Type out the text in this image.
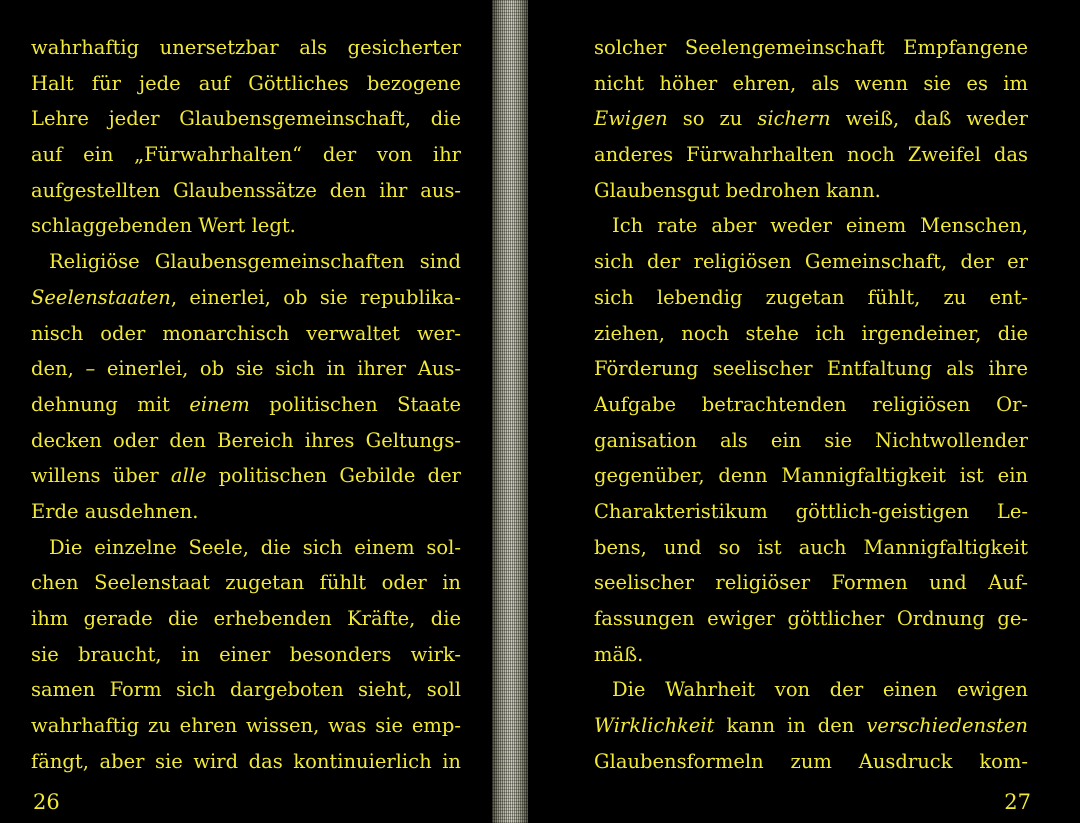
wahrhaftig unersetzbar als gesicherter
Halt für jede auf Göttliches bezogene
Lehre jeder Glaubensgemeinschaft, die
auf ein „Fürwahrhalten“ der von ihr
aufgestellten Glaubenssätze den ihr aus-
schlaggebenden Wert legt.
Religiöse Glaubensgemeinschaften sind
Seelenstaaten, einerlei, ob sie republika-
nisch oder monarchisch verwaltet wer-
den, – einerlei, ob sie sich in ihrer Aus-
dehnung mit einem politischen Staate
decken oder den Bereich ihres Geltungs-
willens über alle politischen Gebilde der
Erde ausdehnen.
Die einzelne Seele, die sich einem sol-
chen Seelenstaat zugetan fühlt oder in
ihm gerade die erhebenden Kräfte, die
sie braucht, in einer besonders wirk-
samen Form sich dargeboten sieht, soll
wahrhaftig zu ehren wissen, was sie emp-
fängt, aber sie wird das kontinuierlich in
26
solcher Seelengemeinschaft Empfangene
nicht höher ehren, als wenn sie es im
Ewigen so zu sichern weiß, daß weder
anderes Fürwahrhalten noch Zweifel das
Glaubensgut bedrohen kann.
Ich rate aber weder einem Menschen,
sich der religiösen Gemeinschaft, der er
sich lebendig zugetan fühlt, zu ent-
ziehen, noch stehe ich irgendeiner, die
Förderung seelischer Entfaltung als ihre
Aufgabe betrachtenden religiösen Or-
ganisation als ein sie Nichtwollender
gegenüber, denn Mannigfaltigkeit ist ein
Charakteristikum göttlich-geistigen Le-
bens, und so ist auch Mannigfaltigkeit
seelischer religiöser Formen und Auf-
fassungen ewiger göttlicher Ordnung ge-
mäß.
Die Wahrheit von der einen ewigen
Wirklichkeit kann in den verschiedensten
Glaubensformeln zum Ausdruck kom-
27
